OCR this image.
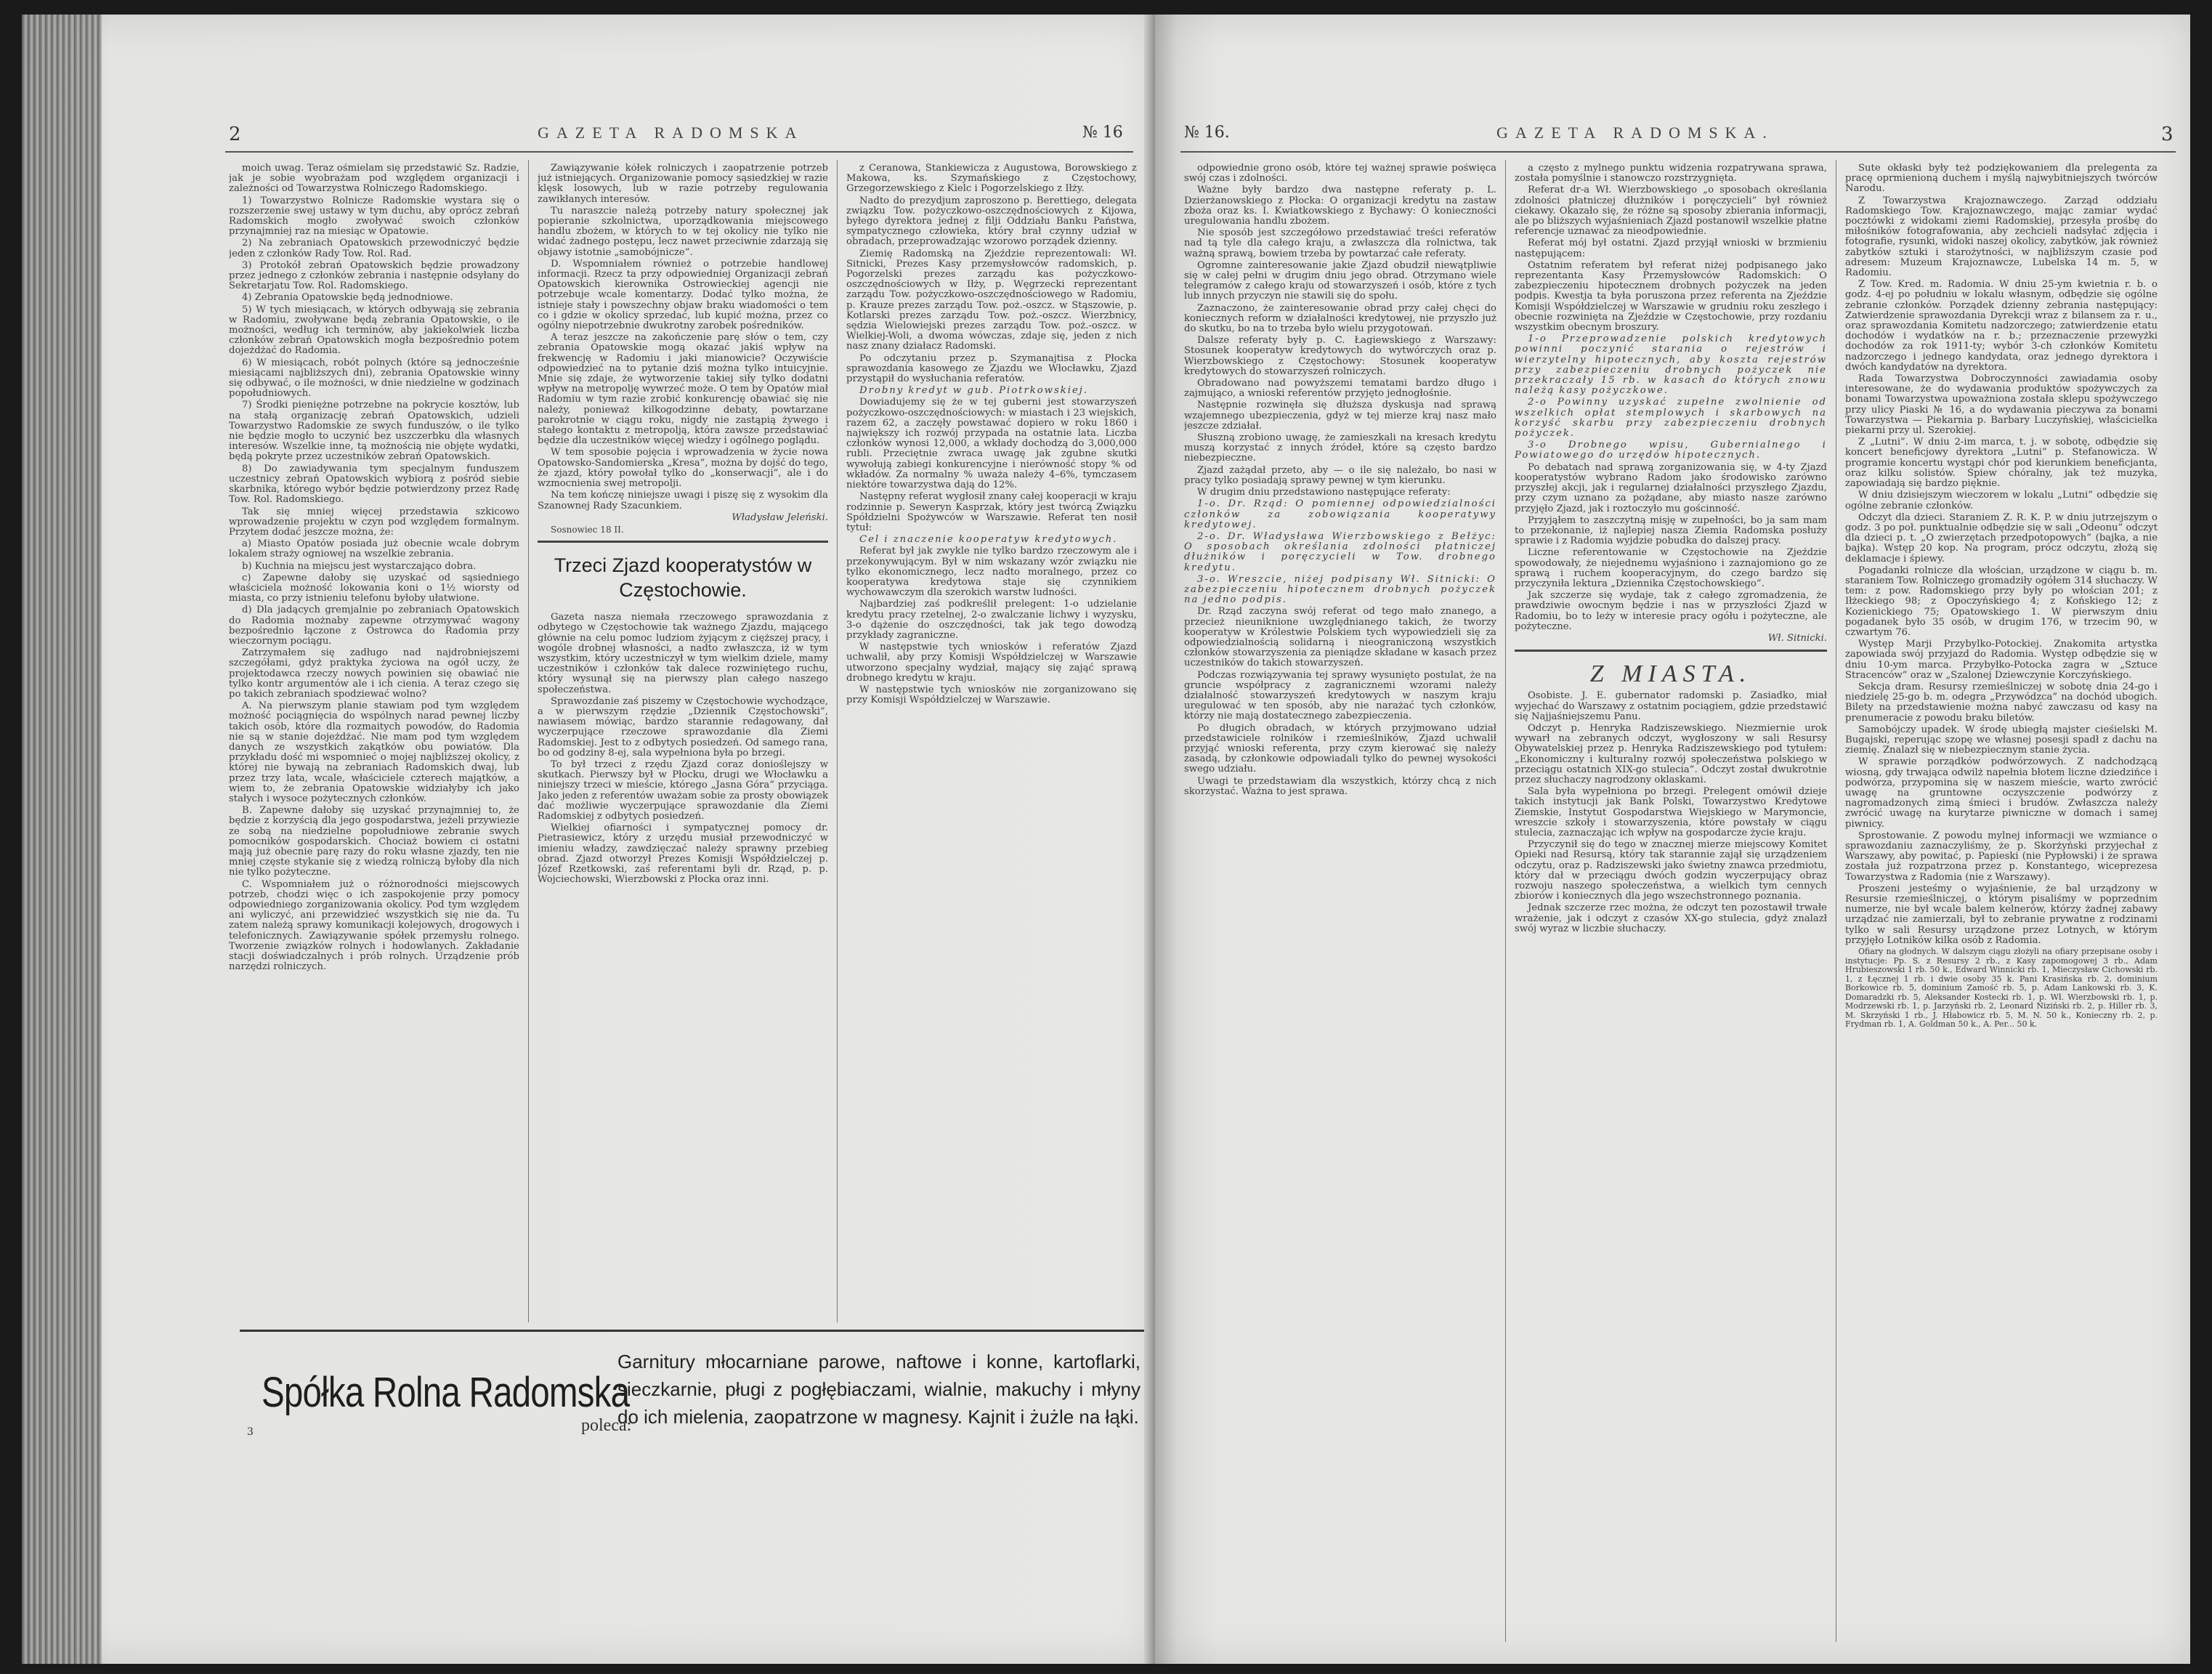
2	GAZETA RADOMSKA	№ 16

moich uwag. Teraz ośmielam się przedstawić Sz. Radzie, jak je sobie wyobrażam pod względem organizacji i zależności od Towarzystwa Rolniczego Radomskiego.

1) Towarzystwo Rolnicze Radomskie wystara się o rozszerzenie swej ustawy w tym duchu, aby oprócz zebrań Radomskich mogło zwoływać swoich członków przynajmniej raz na miesiąc w Opatowie.

2) Na zebraniach Opatowskich przewodniczyć będzie jeden z członków Rady Tow. Rol. Rad.

3) Protokół zebrań Opatowskich będzie prowadzony przez jednego z członków zebrania i następnie odsyłany do Sekretarjatu Tow. Rol. Radomskiego.

4) Zebrania Opatowskie będą jednodniowe.

5) W tych miesiącach, w których odbywają się zebrania w Radomiu, zwoływane będą zebrania Opatowskie, o ile możności, według ich terminów, aby jakiekolwiek liczba członków zebrań Opatowskich mogła bezpośrednio potem dojeżdżać do Radomia.

6) W miesiącach, robót polnych (które są jednocześnie miesiącami najbliższych dni), zebrania Opatowskie winny się odbywać, o ile możności, w dnie niedzielne w godzinach popołudniowych.

7) Środki pieniężne potrzebne na pokrycie kosztów, lub na stałą organizację zebrań Opatowskich, udzieli Towarzystwo Radomskie ze swych funduszów, o ile tylko nie będzie mogło to uczynić bez uszczerbku dla własnych interesów. Wszelkie inne, tą możnością nie objęte wydatki, będą pokryte przez uczestników zebrań Opatowskich.

8) Do zawiadywania tym specjalnym funduszem uczestnicy zebrań Opatowskich wybiorą z pośród siebie skarbnika, którego wybór będzie potwierdzony przez Radę Tow. Rol. Radomskiego.

Tak się mniej więcej przedstawia szkicowo wprowadzenie projektu w czyn pod względem formalnym. Przytem dodać jeszcze można, że:

a) Miasto Opatów posiada już obecnie wcale dobrym lokalem straży ogniowej na wszelkie zebrania.

b) Kuchnia na miejscu jest wystarczająco dobra.

c) Zapewne dałoby się uzyskać od sąsiedniego właściciela możność lokowania koni o 1½ wiorsty od miasta, co przy istnieniu telefonu byłoby ułatwione.

d) Dla jadących gremjalnie po zebraniach Opatowskich do Radomia możnaby zapewne otrzymywać wagony bezpośrednio łączone z Ostrowca do Radomia przy wieczornym pociągu.

Zatrzymałem się zadługo nad najdrobniejszemi szczegółami, gdyż praktyka życiowa na ogół uczy, że projektodawca rzeczy nowych powinien się obawiać nie tylko kontr argumentów ale i ich cienia. A teraz czego się po takich zebraniach spodziewać wolno?

A. Na pierwszym planie stawiam pod tym względem możność pociągnięcia do wspólnych narad pewnej liczby takich osób, które dla rozmaitych powodów, do Radomia nie są w stanie dojeżdżać. Nie mam pod tym względem danych ze wszystkich zakątków obu powiatów. Dla przykładu dość mi wspomnieć o mojej najbliższej okolicy, z której nie bywają na zebraniach Radomskich dwaj, lub przez trzy lata, wcale, właściciele czterech majątków, a wiem to, że zebrania Opatowskie widziałyby ich jako stałych i wysoce pożytecznych członków.

B. Zapewne dałoby się uzyskać przynajmniej to, że będzie z korzyścią dla jego gospodarstwa, jeżeli przywiezie ze sobą na niedzielne popołudniowe zebranie swych pomocników gospodarskich. Chociaż bowiem ci ostatni mają już obecnie parę razy do roku własne zjazdy, ten nie mniej częste stykanie się z wiedzą rolniczą byłoby dla nich nie tylko pożyteczne.

C. Wspomniałem już o różnorodności miejscowych potrzeb, chodzi więc o ich zaspokojenie przy pomocy odpowiedniego zorganizowania okolicy. Pod tym względem ani wyliczyć, ani przewidzieć wszystkich się nie da. Tu zatem należą sprawy komunikacji kolejowych, drogowych i telefonicznych. Zawiązywanie spółek przemysłu rolnego. Tworzenie związków rolnych i hodowlanych. Zakładanie stacji doświadczalnych i prób rolnych. Urządzenie prób narzędzi rolniczych.

Zawiązywanie kółek rolniczych i zaopatrzenie potrzeb już istniejących. Organizowanie pomocy sąsiedzkiej w razie klęsk losowych, lub w razie potrzeby regulowania zawikłanych interesów.

Tu naraszcie należą potrzeby natury społecznej jak popieranie szkolnictwa, uporządkowania miejscowego handlu zbożem, w których to w tej okolicy nie tylko nie widać żadnego postępu, lecz nawet przeciwnie zdarzają się objawy istotnie „samobójnicze”.

D. Wspomniałem również o potrzebie handlowej informacji. Rzecz ta przy odpowiedniej Organizacji zebrań Opatowskich kierownika Ostrowieckiej agencji nie potrzebuje wcale komentarzy. Dodać tylko można, że istnieje stały i powszechny objaw braku wiadomości o tem co i gdzie w okolicy sprzedać, lub kupić można, przez co ogólny niepotrzebnie dwukrotny zarobek pośredników.

A teraz jeszcze na zakończenie parę słów o tem, czy zebrania Opatowskie mogą okazać jakiś wpływ na frekwencję w Radomiu i jaki mianowicie? Oczywiście odpowiedzieć na to pytanie dziś można tylko intuicyjnie. Mnie się zdaje, że wytworzenie takiej siły tylko dodatni wpływ na metropolję wywrzeć może. O tem by Opatów miał Radomiu w tym razie zrobić konkurencję obawiać się nie należy, ponieważ kilkogodzinne debaty, powtarzane parokrotnie w ciągu roku, nigdy nie zastąpią żywego i stałego kontaktu z metropolją, która zawsze przedstawiać będzie dla uczestników więcej wiedzy i ogólnego poglądu.

W tem sposobie pojęcia i wprowadzenia w życie nowa Opatowsko-Sandomierska „Kresa”, można by dojść do tego, że zjazd, który powołał tylko do „konserwacji”, ale i do wzmocnienia swej metropolji.

Na tem kończę niniejsze uwagi i piszę się z wysokim dla Szanownej Rady Szacunkiem.

Władysław Jeleński.

Sosnowiec 18 II.

Trzeci Zjazd kooperatystów w Częstochowie.

Gazeta nasza niemała rzeczowego sprawozdania z odbytego w Częstochowie tak ważnego Zjazdu, mającego głównie na celu pomoc ludziom żyjącym z cięższej pracy, i wogóle drobnej własności, a nadto zwłaszcza, iż w tym wszystkim, który uczestniczył w tym wielkim dziele, mamy uczestników i członków tak dalece rozwiniętego ruchu, który wysunął się na pierwszy plan całego naszego społeczeństwa.

Sprawozdanie zaś piszemy w Częstochowie wychodzące, a w pierwszym rzędzie „Dziennik Częstochowski”, nawiasem mówiąc, bardzo starannie redagowany, dał wyczerpujące rzeczowe sprawozdanie dla Ziemi Radomskiej. Jest to z odbytych posiedzeń. Od samego rana, bo od godziny 8-ej, sala wypełniona była po brzegi.

To był trzeci z rzędu Zjazd coraz donioślejszy w skutkach. Pierwszy był w Płocku, drugi we Włocławku a niniejszy trzeci w mieście, którego „Jasna Góra” przyciąga. Jako jeden z referentów uważam sobie za prosty obowiązek dać możliwie wyczerpujące sprawozdanie dla Ziemi Radomskiej z odbytych posiedzeń.

Wielkiej ofiarności i sympatycznej pomocy dr. Pietrasiewicz, który z urzędu musiał przewodniczyć w imieniu władzy, zawdzięczać należy sprawny przebieg obrad. Zjazd otworzył Prezes Komisji Współdzielczej p. Józef Rzetkowski, zaś referentami byli dr. Rząd, p. p. Wojciechowski, Wierzbowski z Płocka oraz inni.

z Ceranowa, Stankiewicza z Augustowa, Borowskiego z Makowa, ks. Szymańskiego z Częstochowy, Grzegorzewskiego z Kielc i Pogorzelskiego z Iłży.

Nadto do prezydjum zaproszono p. Berettiego, delegata związku Tow. pożyczkowo-oszczędnościowych z Kijowa, byłego dyrektora jednej z filji Oddziału Banku Państwa, sympatycznego człowieka, który brał czynny udział w obradach, przeprowadzając wzorowo porządek dzienny.

Ziemię Radomską na Zjeździe reprezentowali: Wł. Sitnicki, Prezes Kasy przemysłowców radomskich, p. Pogorzelski prezes zarządu kas pożyczkowo-oszczędnościowych w Iłży, p. Węgrzecki reprezentant zarządu Tow. pożyczkowo-oszczędnościowego w Radomiu, p. Krauze prezes zarządu Tow. poż.-oszcz. w Stąszowie, p. Kotlarski prezes zarządu Tow. poż.-oszcz. Wierzbnicy, sędzia Wielowiejski prezes zarządu Tow. poż.-oszcz. w Wielkiej-Woli, a dwoma wówczas, zdaje się, jeden z nich nasz znany działacz Radomski.

Po odczytaniu przez p. Szymanajtisa z Płocka sprawozdania kasowego ze Zjazdu we Włocławku, Zjazd przystąpił do wysłuchania referatów.

Drobny kredyt w gub. Piotrkowskiej.

Dowiadujemy się że w tej guberni jest stowarzyszeń pożyczkowo-oszczędnościowych: w miastach i 23 wiejskich, razem 62, a zaczęły powstawać dopiero w roku 1860 i największy ich rozwój przypada na ostatnie lata. Liczba członków wynosi 12,000, a wkłady dochodzą do 3,000,000 rubli. Przeciętnie zwraca uwagę jak zgubne skutki wywołują zabiegi konkurencyjne i nierówność stopy % od wkładów. Za normalny % uważa należy 4–6%, tymczasem niektóre towarzystwa dają do 12%.

Następny referat wygłosił znany całej kooperacji w kraju rodzinnie p. Seweryn Kasprzak, który jest twórcą Związku Spółdzielni Spożywców w Warszawie. Referat ten nosił tytuł:

Cel i znaczenie kooperatyw kredytowych.

Referat był jak zwykle nie tylko bardzo rzeczowym ale i przekonywującym. Był w nim wskazany wzór związku nie tylko ekonomicznego, lecz nadto moralnego, przez co kooperatywa kredytowa staje się czynnikiem wychowawczym dla szerokich warstw ludności.

Najbardziej zaś podkreślił prelegent: 1-o udzielanie kredytu pracy rzetelnej, 2-o zwalczanie lichwy i wyzysku, 3-o dążenie do oszczędności, tak jak tego dowodzą przykłady zagraniczne.

W następstwie tych wniosków i referatów Zjazd uchwalił, aby przy Komisji Współdzielczej w Warszawie utworzono specjalny wydział, mający się zająć sprawą drobnego kredytu w kraju.

W następstwie tych wniosków nie zorganizowano się przy Komisji Współdzielczej w Warszawie.

Spółka Rolna Radomska
poleca:
3
Garnitury młocarniane parowe, naftowe i konne, kartoflarki, sieczkarnie, pługi z pogłębiaczami, wialnie, makuchy i młyny do ich mielenia, zaopatrzone w magnesy. Kajnit i żużle na łąki.
№ 16.	GAZETA RADOMSKA.	3

odpowiednie grono osób, które tej ważnej sprawie poświęca swój czas i zdolności.

Ważne były bardzo dwa następne referaty p. L. Dzierżanowskiego z Płocka: O organizacji kredytu na zastaw zboża oraz ks. I. Kwiatkowskiego z Bychawy: O konieczności uregulowania handlu zbożem.

Nie sposób jest szczegółowo przedstawiać treści referatów nad tą tyle dla całego kraju, a zwłaszcza dla rolnictwa, tak ważną sprawą, bowiem trzeba by powtarzać całe referaty.

Ogromne zainteresowanie jakie Zjazd obudził niewątpliwie się w całej pełni w drugim dniu jego obrad. Otrzymano wiele telegramów z całego kraju od stowarzyszeń i osób, które z tych lub innych przyczyn nie stawili się do społu.

Zaznaczono, że zainteresowanie obrad przy całej chęci do koniecznych reform w działalności kredytowej, nie przyszło już do skutku, bo na to trzeba było wielu przygotowań.

Dalsze referaty były p. C. Łagiewskiego z Warszawy: Stosunek kooperatyw kredytowych do wytwórczych oraz p. Wierzbowskiego z Częstochowy: Stosunek kooperatyw kredytowych do stowarzyszeń rolniczych.

Obradowano nad powyższemi tematami bardzo długo i zajmująco, a wnioski referentów przyjęto jednogłośnie.

Następnie rozwinęła się dłuższa dyskusja nad sprawą wzajemnego ubezpieczenia, gdyż w tej mierze kraj nasz mało jeszcze zdziałał.

Słuszną zrobiono uwagę, że zamieszkali na kresach kredytu muszą korzystać z innych źródeł, które są często bardzo niebezpieczne.

Zjazd zażądał przeto, aby — o ile się należało, bo nasi w pracy tylko posiadają sprawy pewnej w tym kierunku.

W drugim dniu przedstawiono następujące referaty:

1-o. Dr. Rząd: O pomiennej odpowiedzialności członków za zobowiązania kooperatywy kredytowej.

2-o. Dr. Władysława Wierzbowskiego z Bełżyc: O sposobach określania zdolności płatniczej dłużników i poręczycieli w Tow. drobnego kredytu.

3-o. Wreszcie, niżej podpisany Wł. Sitnicki: O zabezpieczeniu hipotecznem drobnych pożyczek na jedno podpis.

Dr. Rząd zaczyna swój referat od tego mało znanego, a przecież nieuniknione uwzględnianego takich, że tworzy kooperatyw w Królestwie Polskiem tych wypowiedzieli się za odpowiedzialnością solidarną i nieograniczoną wszystkich członków stowarzyszenia za pieniądze składane w kasach przez uczestników do takich stowarzyszeń.

Podczas rozwiązywania tej sprawy wysunięto postulat, że na gruncie współpracy z zagranicznemi wzorami należy działalność stowarzyszeń kredytowych w naszym kraju uregulować w ten sposób, aby nie narażać tych członków, którzy nie mają dostatecznego zabezpieczenia.

Po długich obradach, w których przyjmowano udział przedstawiciele rolników i rzemieślników, Zjazd uchwalił przyjąć wnioski referenta, przy czym kierować się należy zasadą, by członkowie odpowiadali tylko do pewnej wysokości swego udziału.

Uwagi te przedstawiam dla wszystkich, którzy chcą z nich skorzystać. Ważna to jest sprawa.

a często z mylnego punktu widzenia rozpatrywana sprawa, została pomyślnie i stanowczo rozstrzygnięta.

Referat dr-a Wł. Wierzbowskiego „o sposobach określania zdolności płatniczej dłużników i poręczycieli” był również ciekawy. Okazało się, że różne są sposoby zbierania informacji, ale po bliższych wyjaśnieniach Zjazd postanowił wszelkie płatne referencje uznawać za nieodpowiednie.

Referat mój był ostatni. Zjazd przyjął wnioski w brzmieniu następującem:

Ostatnim referatem był referat niżej podpisanego jako reprezentanta Kasy Przemysłowców Radomskich: O zabezpieczeniu hipotecznem drobnych pożyczek na jeden podpis. Kwestja ta była poruszona przez referenta na Zjeździe Komisji Współdzielczej w Warszawie w grudniu roku zeszłego i obecnie rozwinięta na Zjeździe w Częstochowie, przy rozdaniu wszystkim obecnym broszury.

1-o Przeprowadzenie polskich kredytowych powinni poczynić starania o rejestrów i wierzytelny hipotecznych, aby koszta rejestrów przy zabezpieczeniu drobnych pożyczek nie przekraczały 15 rb. w kasach do których znowu należą kasy pożyczkowe.

2-o Powinny uzyskać zupełne zwolnienie od wszelkich opłat stemplowych i skarbowych na korzyść skarbu przy zabezpieczeniu drobnych pożyczek.

3-o Drobnego wpisu, Gubernialnego i Powiatowego do urzędów hipotecznych.

Po debatach nad sprawą zorganizowania się, w 4-ty Zjazd kooperatystów wybrano Radom jako środowisko zarówno przyszłej akcji, jak i regularnej działalności przyszłego Zjazdu, przy czym uznano za pożądane, aby miasto nasze zarówno przyjęło Zjazd, jak i roztoczyło mu gościnność.

Przyjąłem to zaszczytną misję w zupełności, bo ja sam mam to przekonanie, iż najlepiej nasza Ziemia Radomska posłuży sprawie i z Radomia wyjdzie pobudka do dalszej pracy.

Liczne referentowanie w Częstochowie na Zjeździe spowodowały, że niejednemu wyjaśniono i zaznajomiono go ze sprawą i ruchem kooperacyjnym, do czego bardzo się przyczyniła lektura „Dziennika Częstochowskiego”.

Jak szczerze się wydaje, tak z całego zgromadzenia, że prawdziwie owocnym będzie i nas w przyszłości Zjazd w Radomiu, bo to leży w interesie pracy ogółu i pożyteczne, ale pożyteczne.

Wł. Sitnicki.

Z MIASTA.

Osobiste. J. E. gubernator radomski p. Zasiadko, miał wyjechać do Warszawy z ostatnim pociągiem, gdzie przedstawić się Najjaśniejszemu Panu.

Odczyt p. Henryka Radziszewskiego. Niezmiernie urok wywarł na zebranych odczyt, wygłoszony w sali Resursy Obywatelskiej przez p. Henryka Radziszewskiego pod tytułem: „Ekonomiczny i kulturalny rozwój społeczeństwa polskiego w przeciągu ostatnich XIX-go stulecia”. Odczyt został dwukrotnie przez słuchaczy nagrodzony oklaskami.

Sala była wypełniona po brzegi. Prelegent omówił dzieje takich instytucji jak Bank Polski, Towarzystwo Kredytowe Ziemskie, Instytut Gospodarstwa Wiejskiego w Marymoncie, wreszcie szkoły i stowarzyszenia, które powstały w ciągu stulecia, zaznaczając ich wpływ na gospodarcze życie kraju.

Przyczynił się do tego w znacznej mierze miejscowy Komitet Opieki nad Resursą, który tak starannie zajął się urządzeniem odczytu, oraz p. Radziszewski jako świetny znawca przedmiotu, który dał w przeciągu dwóch godzin wyczerpujący obraz rozwoju naszego społeczeństwa, a wielkich tym cennych zbiorów i koniecznych dla jego wszechstronnego poznania.

Jednak szczerze rzec można, że odczyt ten pozostawił trwałe wrażenie, jak i odczyt z czasów XX-go stulecia, gdyż znalazł swój wyraz w liczbie słuchaczy.

Sute okłaski były też podziękowaniem dla prelegenta za pracę oprmienioną duchem i myślą najwybitniejszych twórców Narodu.

Z Towarzystwa Krajoznawczego. Zarząd oddziału Radomskiego Tow. Krajoznawczego, mając zamiar wydać pocztówki z widokami ziemi Radomskiej, przesyła prośbę do miłośników fotografowania, aby zechcieli nadsyłać zdjęcia i fotografie, rysunki, widoki naszej okolicy, zabytków, jak również zabytków sztuki i starożytności, w najbliższym czasie pod adresem: Muzeum Krajoznawcze, Lubelska 14 m. 5, w Radomiu.

Z Tow. Kred. m. Radomia. W dniu 25-ym kwietnia r. b. o godz. 4-ej po południu w lokalu własnym, odbędzie się ogólne zebranie członków. Porządek dzienny zebrania następujący: Zatwierdzenie sprawozdania Dyrekcji wraz z bilansem za r. u., oraz sprawozdania Komitetu nadzorczego; zatwierdzenie etatu dochodów i wydatków na r. b.; przeznaczenie przewyżki dochodów za rok 1911-ty; wybór 3-ch członków Komitetu nadzorczego i jednego kandydata, oraz jednego dyrektora i dwóch kandydatów na dyrektora.

Rada Towarzystwa Dobroczynności zawiadamia osoby interesowane, że do wydawania produktów spożywczych za bonami Towarzystwa upoważniona została sklepu spożywczego przy ulicy Piaski № 16, a do wydawania pieczywa za bonami Towarzystwa — Piekarnia p. Barbary Luczyńskiej, właścicielka piekarni przy ul. Szerokiej.

Z „Lutni”. W dniu 2-im marca, t. j. w sobotę, odbędzie się koncert beneficjowy dyrektora „Lutni” p. Stefanowicza. W programie koncertu wystąpi chór pod kierunkiem beneficjanta, oraz kilku solistów. Śpiew chóralny, jak też muzyka, zapowiadają się bardzo pięknie.

W dniu dzisiejszym wieczorem w lokalu „Lutni” odbędzie się ogólne zebranie członków.

Odczyt dla dzieci. Staraniem Z. R. K. P. w dniu jutrzejszym o godz. 3 po poł. punktualnie odbędzie się w sali „Odeonu” odczyt dla dzieci p. t. „O zwierzętach przedpotopowych” (bajka, a nie bajka). Wstęp 20 kop. Na program, prócz odczytu, złożą się deklamacje i śpiewy.

Pogadanki rolnicze dla włościan, urządzone w ciągu b. m. staraniem Tow. Rolniczego gromadziły ogółem 314 słuchaczy. W tem: z pow. Radomskiego przy były po włościan 201; z Iłżeckiego 98; z Opoczyńskiego 4; z Końskiego 12; z Kozienickiego 75; Opatowskiego 1. W pierwszym dniu pogadanek było 35 osób, w drugim 176, w trzecim 90, w czwartym 76.

Występ Marji Przybylko-Potockiej. Znakomita artystka zapowiada swój przyjazd do Radomia. Występ odbędzie się w dniu 10-ym marca. Przybyłko-Potocka zagra w „Sztuce Stracenców” oraz w „Szalonej Dziewczynie Korczyńskiego.

Sekcja dram. Resursy rzemieślniczej w sobotę dnia 24-go i niedzielę 25-go b. m. odegra „Przywódzca” na dochód ubogich. Bilety na przedstawienie można nabyć zawczasu od kasy na prenumeracie z powodu braku biletów.

Samobójczy upadek. W środę ubiegłą majster cieśielski M. Bugajski, reperując szopę we własnej posesji spadł z dachu na ziemię. Znalazł się w niebezpiecznym stanie życia.

W sprawie porządków podwórzowych. Z nadchodzącą wiosną, gdy trwająca odwilż napełnia błotem liczne dziedzińce i podwórza, przypomina się w naszem mieście, warto zwrócić uwagę na gruntowne oczyszczenie podwórzy z nagromadzonych zimą śmieci i brudów. Zwłaszcza należy zwrócić uwagę na kurytarze piwniczne w domach i samej piwnicy.

Sprostowanie. Z powodu mylnej informacji we wzmiance o sprawozdaniu zaznaczyliśmy, że p. Skorżyński przyjechał z Warszawy, aby powitać, p. Papieski (nie Pypłowski) i że sprawa została już rozpatrzona przez p. Konstantego, wiceprezesa Towarzystwa z Radomia (nie z Warszawy).

Proszeni jesteśmy o wyjaśnienie, że bal urządzony w Resursie rzemieślniczej, o którym pisaliśmy w poprzednim numerze, nie był wcale balem kelnerów, którzy żadnej zabawy urządzać nie zamierzali, był to zebranie prywatne z rodzinami tylko w sali Resursy urządzone przez Lotnych, w którym przyjęło Lotników kilka osób z Radomia.

Ofiary na głodnych. W dalszym ciągu złożyli na ofiary przepisane osoby i instytucje: Pp. S. z Resursy 2 rb., z Kasy zapomogowej 3 rb., Adam Hrubieszowski 1 rb. 50 k., Edward Winnicki rb. 1, Mieczysław Cichowski rb. 1, z Łęcznej 1 rb. i dwie osoby 35 k. Pani Krasińska rb. 2, dominium Borkowice rb. 5, dominium Zamość rb. 5, p. Adam Lankowski rb. 3, K. Domaradzki rb. 5, Aleksander Kostecki rb. 1, p. Wł. Wierzbowski rb. 1, p. Modrzewski rb. 1, p. Jarzyński rb. 2, Leonard Niziński rb. 2, p. Hiller rb. 3, M. Skrzyński 1 rb., J. Hłabowicz rb. 5, M. N. 50 k., Konieczny rb. 2, p. Frydman rb. 1, A. Goldman 50 k., A. Per... 50 k.
